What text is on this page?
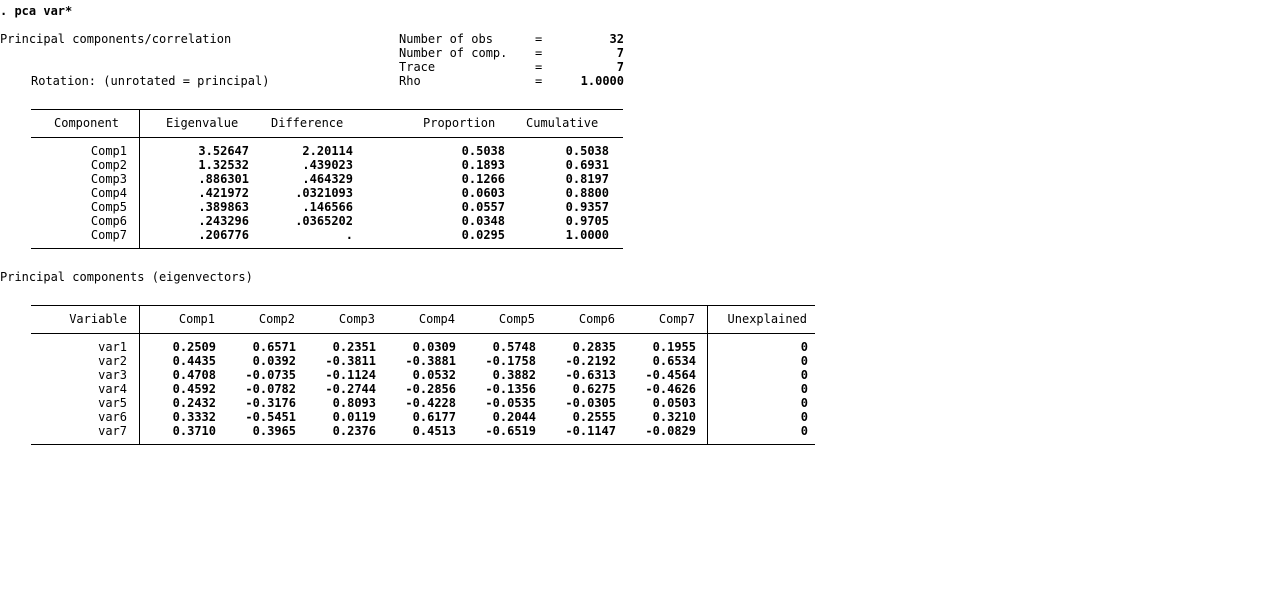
. pca var*
Principal components/correlation
Rotation: (unrotated = principal)
Number of obs	=	32
Number of comp. =	7
Trace	=	7
Rho	=	1.0000
Component	Eigenvalue	Difference	Proportion	Cumulative
Comp1	3.52647	2.20114	0.5038	0.5038
Comp2	1.32532	.439023	0.1893	0.6931
Comp3	.886301	.464329	0.1266	0.8197
Comp4	.421972	.0321093	0.0603	0.8800
Comp5	.389863	.146566	0.0557	0.9357
Comp6	.243296	.0365202	0.0348	0.9705
Comp7	.206776	.	0.0295	1.0000
Principal components (eigenvectors)
Variable	Comp1	Comp2	Comp3	Comp4	Comp5	Comp6	Comp7	Unexplained
var1	0.2509	0.6571	0.2351	0.0309	0.5748	0.2835	0.1955	0
var2	0.4435	0.0392	-0.3811	-0.3881	-0.1758	-0.2192	0.6534	0
var3	0.4708	-0.0735	-0.1124	0.0532	0.3882	-0.6313	-0.4564	0
var4	0.4592	-0.0782	-0.2744	-0.2856	-0.1356	0.6275	-0.4626	0
var5	0.2432	-0.3176	0.8093	-0.4228	-0.0535	-0.0305	0.0503	0
var6	0.3332	-0.5451	0.0119	0.6177	0.2044	0.2555	0.3210	0
var7	0.3710	0.3965	0.2376	0.4513	-0.6519	-0.1147	-0.0829	0
